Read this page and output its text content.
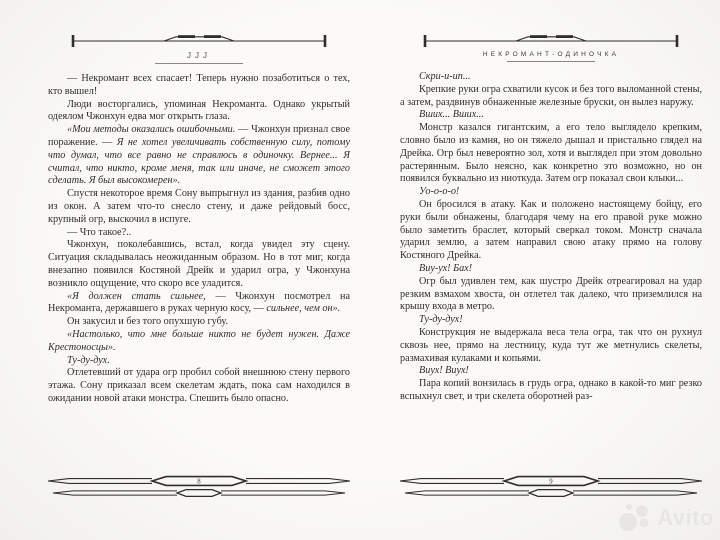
JJJ

— Некромант всех спасает! Теперь нужно позаботиться о тех, кто вышел!

Люди восторгались, упоминая Некроманта. Однако укрытый одеялом Чжонхун едва мог открыть глаза.

«Мои методы оказались ошибочными. — Чжонхун признал свое поражение. — Я не хотел увеличивать собственную силу, потому что думал, что все равно не справлюсь в одиночку. Вернее... Я считал, что никто, кроме меня, так или иначе, не сможет этого сделать. Я был высокомерен».

Спустя некоторое время Сону выпрыгнул из здания, разбив одно из окон. А затем что-то снесло стену, и даже рейдовый босс, крупный огр, выскочил в испуге.

— Что такое?..

Чжонхун, поколебавшись, встал, когда увидел эту сцену. Ситуация складывалась неожиданным образом. Но в тот миг, когда внезапно появился Костяной Дрейк и ударил огра, у Чжонхуна возникло ощущение, что скоро все уладится.

«Я должен стать сильнее, — Чжонхун посмотрел на Некроманта, державшего в руках черную косу, — сильнее, чем он».

Он закусил и без того опухшую губу.

«Настолько, что мне больше никто не будет нужен. Даже Крестоносцы».

Ту-ду-дух.

Отлетевший от удара огр пробил собой внешнюю стену первого этажа. Сону приказал всем скелетам ждать, пока сам находился в ожидании новой атаки монстра. Спешить было опасно.

8
НЕКРОМАНТ-ОДИНОЧКА

Скри-и-ип...

Крепкие руки огра схватили кусок и без того выломанной стены, а затем, раздвинув обнаженные железные бруски, он вылез наружу.

Вших... Вших...

Монстр казался гигантским, а его тело выглядело крепким, словно было из камня, но он тяжело дышал и пристально глядел на Дрейка. Огр был невероятно зол, хотя и выглядел при этом довольно растерянным. Было неясно, как конкретно это возможно, но он появился буквально из ниоткуда. Затем огр показал свои клыки...

Уо-о-о-о!

Он бросился в атаку. Как и положено настоящему бойцу, его руки были обнажены, благодаря чему на его правой руке можно было заметить браслет, который сверкал током. Монстр сначала ударил землю, а затем направил свою атаку прямо на голову Костяного Дрейка.

Виу-ух! Бах!

Огр был удивлен тем, как шустро Дрейк отреагировал на удар резким взмахом хвоста, он отлетел так далеко, что приземлился на крышу входа в метро.

Ту-ду-дух!

Конструкция не выдержала веса тела огра, так что он рухнул сквозь нее, прямо на лестницу, куда тут же метнулись скелеты, размахивая кулаками и копьями.

Виух! Виух!

Пара копий вонзилась в грудь огра, однако в какой-то миг резко вспыхнул свет, и три скелета оборотней раз-

9
Avito
